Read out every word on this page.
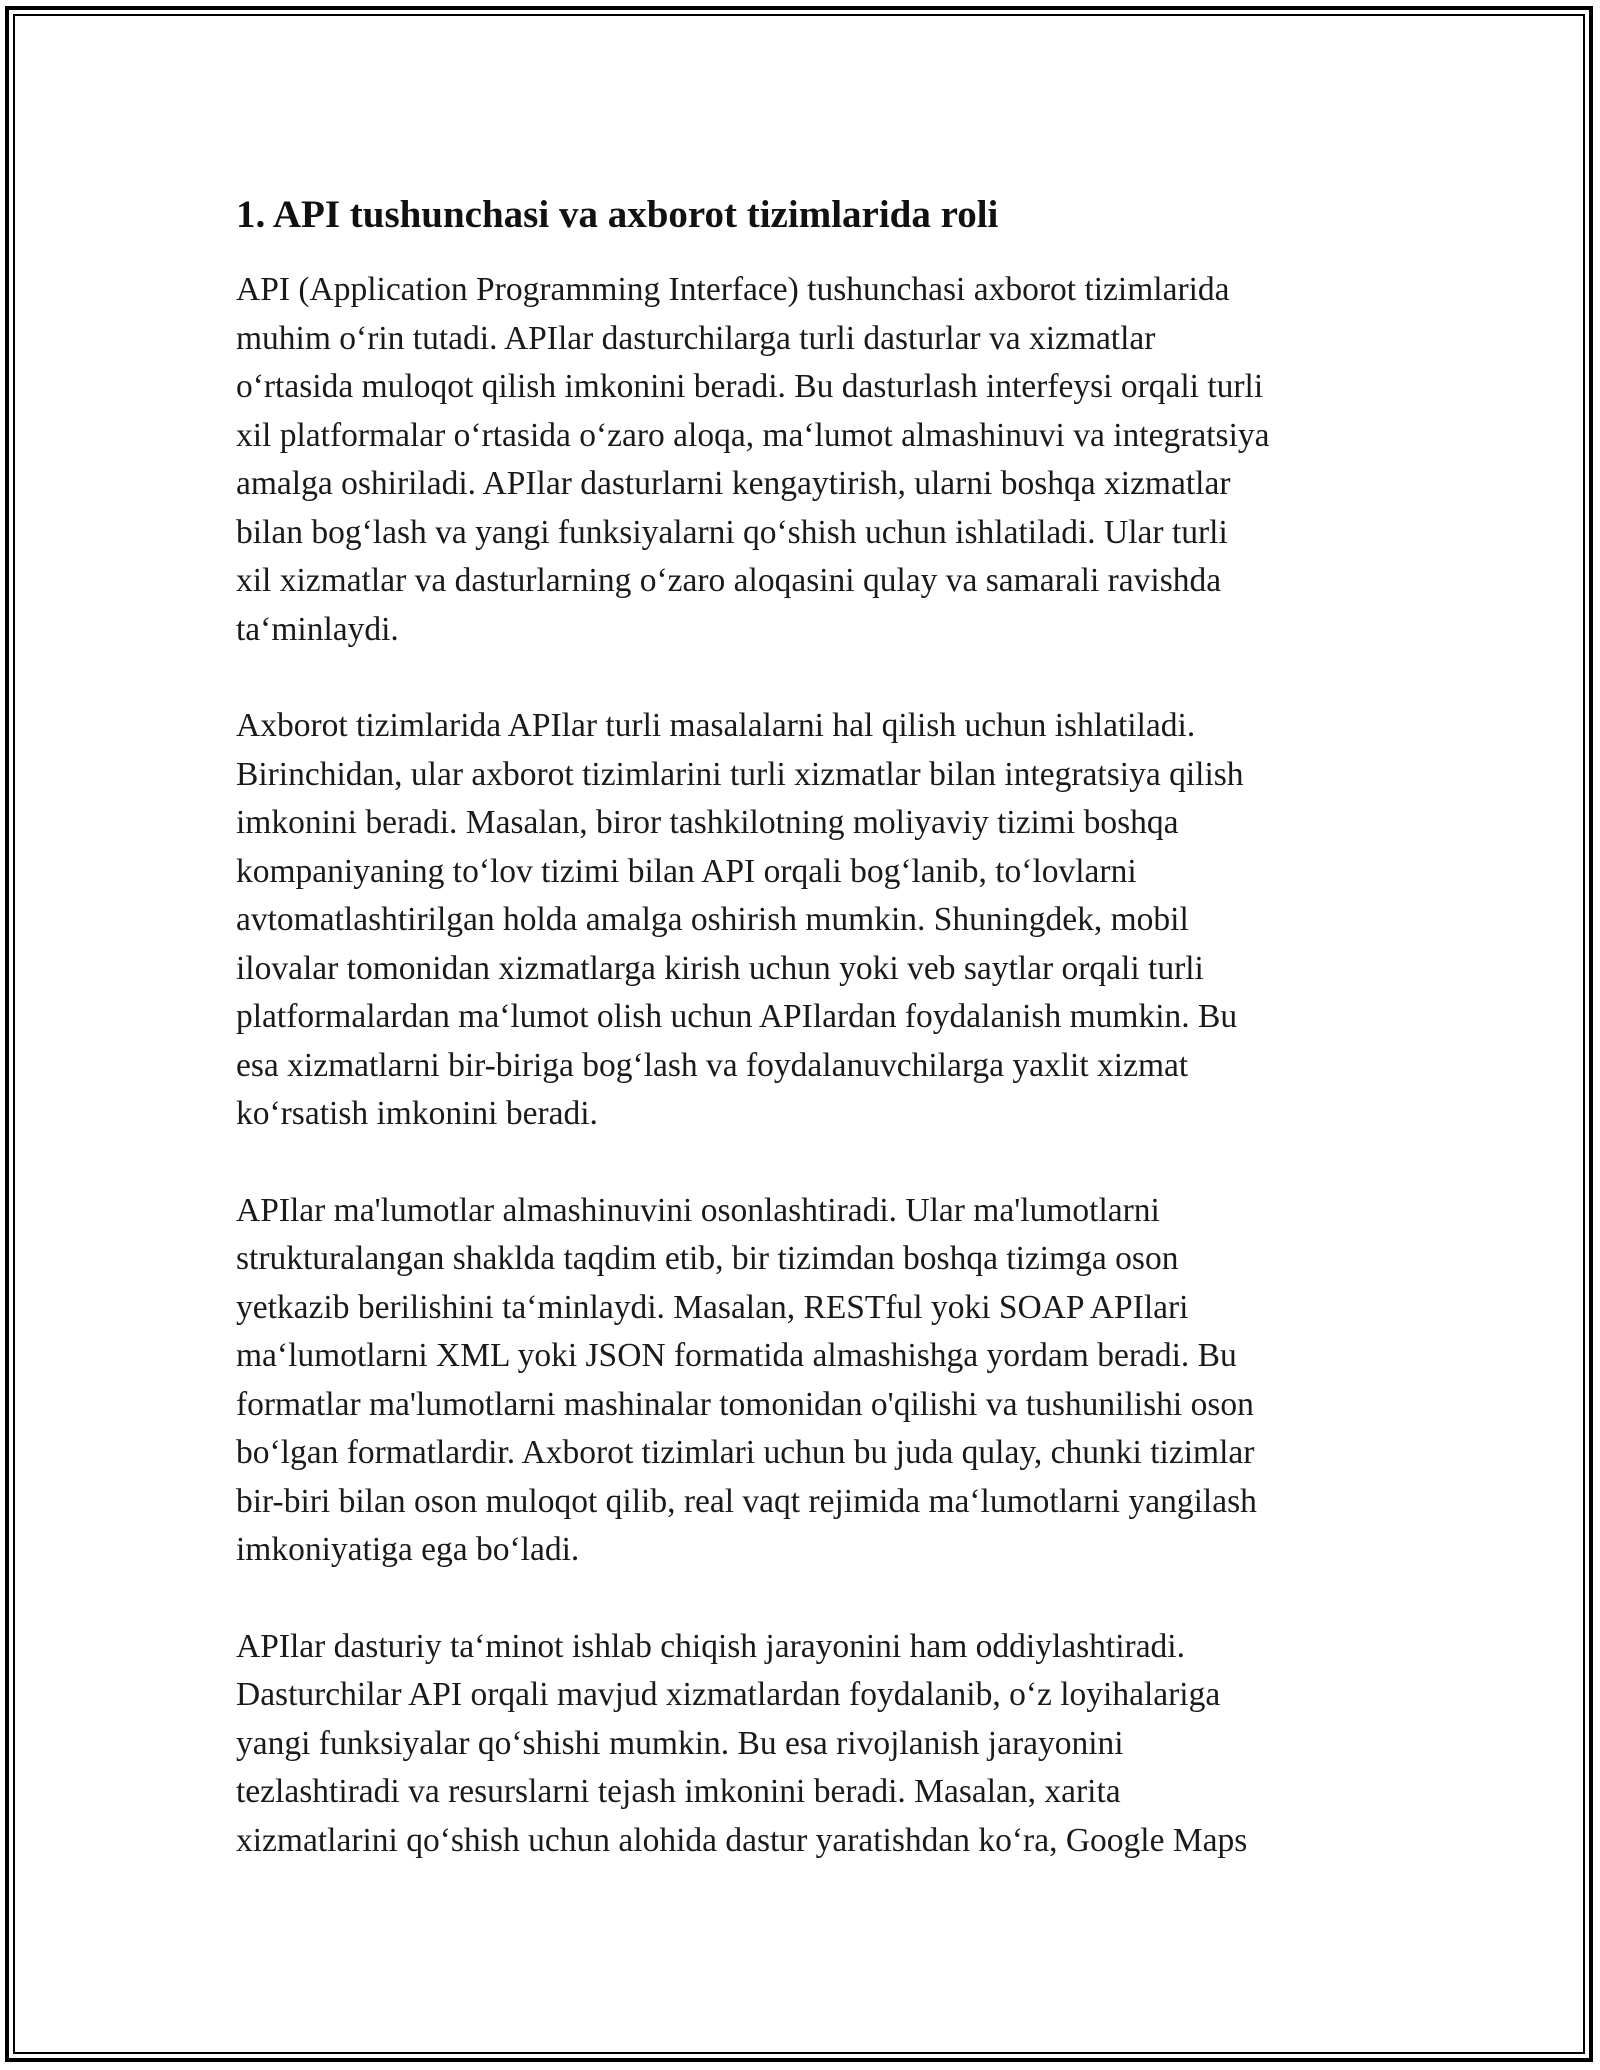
1. API tushunchasi va axborot tizimlarida roli

API (Application Programming Interface) tushunchasi axborot tizimlarida
muhim oʻrin tutadi. APIlar dasturchilarga turli dasturlar va xizmatlar
oʻrtasida muloqot qilish imkonini beradi. Bu dasturlash interfeysi orqali turli
xil platformalar oʻrtasida oʻzaro aloqa, maʻlumot almashinuvi va integratsiya
amalga oshiriladi. APIlar dasturlarni kengaytirish, ularni boshqa xizmatlar
bilan bogʻlash va yangi funksiyalarni qoʻshish uchun ishlatiladi. Ular turli
xil xizmatlar va dasturlarning oʻzaro aloqasini qulay va samarali ravishda
taʻminlaydi.

Axborot tizimlarida APIlar turli masalalarni hal qilish uchun ishlatiladi.
Birinchidan, ular axborot tizimlarini turli xizmatlar bilan integratsiya qilish
imkonini beradi. Masalan, biror tashkilotning moliyaviy tizimi boshqa
kompaniyaning toʻlov tizimi bilan API orqali bogʻlanib, toʻlovlarni
avtomatlashtirilgan holda amalga oshirish mumkin. Shuningdek, mobil
ilovalar tomonidan xizmatlarga kirish uchun yoki veb saytlar orqali turli
platformalardan maʻlumot olish uchun APIlardan foydalanish mumkin. Bu
esa xizmatlarni bir-biriga bogʻlash va foydalanuvchilarga yaxlit xizmat
koʻrsatish imkonini beradi.

APIlar ma'lumotlar almashinuvini osonlashtiradi. Ular ma'lumotlarni
strukturalangan shaklda taqdim etib, bir tizimdan boshqa tizimga oson
yetkazib berilishini taʻminlaydi. Masalan, RESTful yoki SOAP APIlari
maʻlumotlarni XML yoki JSON formatida almashishga yordam beradi. Bu
formatlar ma'lumotlarni mashinalar tomonidan o'qilishi va tushunilishi oson
boʻlgan formatlardir. Axborot tizimlari uchun bu juda qulay, chunki tizimlar
bir-biri bilan oson muloqot qilib, real vaqt rejimida maʻlumotlarni yangilash
imkoniyatiga ega boʻladi.

APIlar dasturiy taʻminot ishlab chiqish jarayonini ham oddiylashtiradi.
Dasturchilar API orqali mavjud xizmatlardan foydalanib, oʻz loyihalariga
yangi funksiyalar qoʻshishi mumkin. Bu esa rivojlanish jarayonini
tezlashtiradi va resurslarni tejash imkonini beradi. Masalan, xarita
xizmatlarini qoʻshish uchun alohida dastur yaratishdan koʻra, Google Maps
